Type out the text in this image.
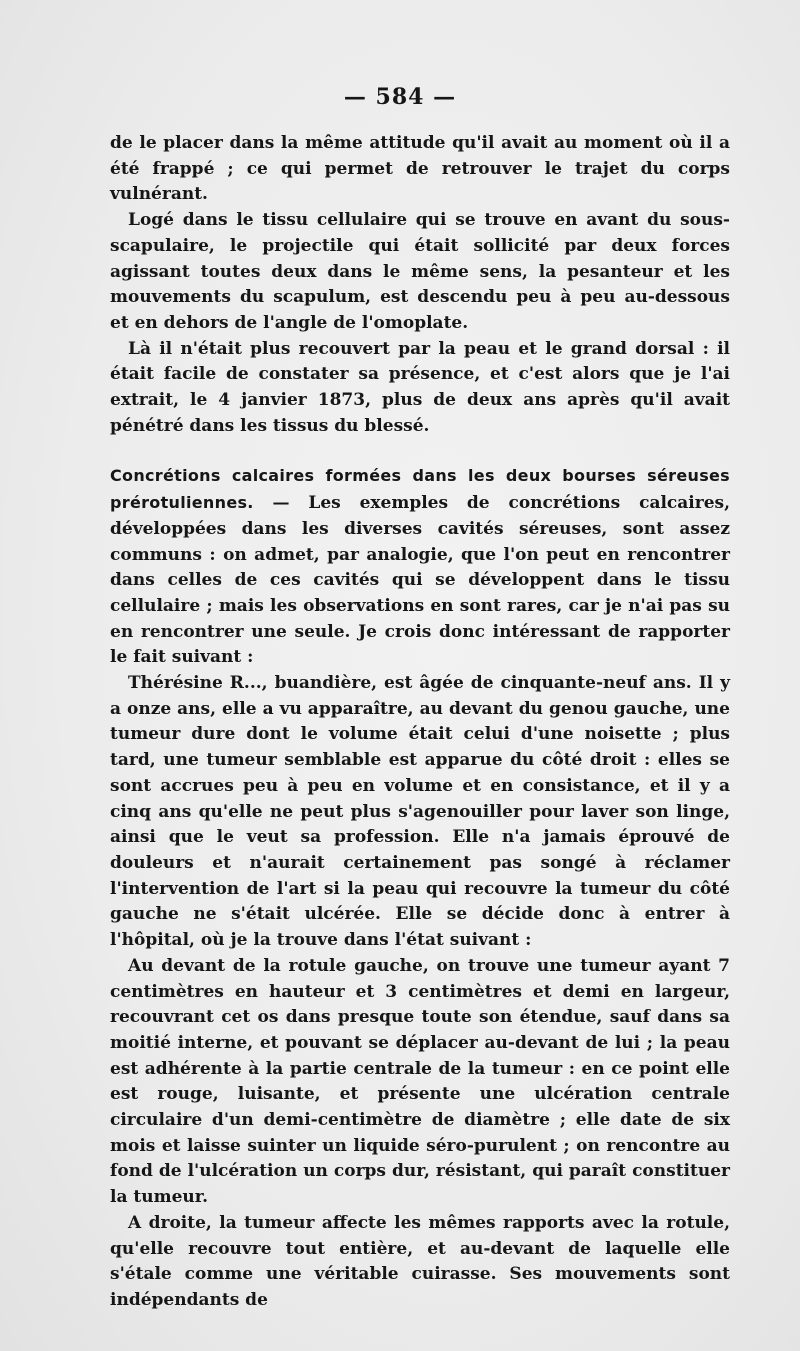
— 584 —

de le placer dans la même attitude qu'il avait au moment où il a été frappé ; ce qui permet de retrouver le trajet du corps vulnérant.

Logé dans le tissu cellulaire qui se trouve en avant du sous-scapulaire, le projectile qui était sollicité par deux forces agissant toutes deux dans le même sens, la pesanteur et les mouvements du scapulum, est descendu peu à peu au-dessous et en dehors de l'angle de l'omoplate.

Là il n'était plus recouvert par la peau et le grand dorsal : il était facile de constater sa présence, et c'est alors que je l'ai extrait, le 4 janvier 1873, plus de deux ans après qu'il avait pénétré dans les tissus du blessé.

Concrétions calcaires formées dans les deux bourses séreuses prérotuliennes. — Les exemples de concrétions calcaires, développées dans les diverses cavités séreuses, sont assez communs : on admet, par analogie, que l'on peut en rencontrer dans celles de ces cavités qui se développent dans le tissu cellulaire ; mais les observations en sont rares, car je n'ai pas su en rencontrer une seule. Je crois donc intéressant de rapporter le fait suivant :

Thérésine R..., buandière, est âgée de cinquante-neuf ans. Il y a onze ans, elle a vu apparaître, au devant du genou gauche, une tumeur dure dont le volume était celui d'une noisette ; plus tard, une tumeur semblable est apparue du côté droit : elles se sont accrues peu à peu en volume et en consistance, et il y a cinq ans qu'elle ne peut plus s'agenouiller pour laver son linge, ainsi que le veut sa profession. Elle n'a jamais éprouvé de douleurs et n'aurait certainement pas songé à réclamer l'intervention de l'art si la peau qui recouvre la tumeur du côté gauche ne s'était ulcérée. Elle se décide donc à entrer à l'hôpital, où je la trouve dans l'état suivant :

Au devant de la rotule gauche, on trouve une tumeur ayant 7 centimètres en hauteur et 3 centimètres et demi en largeur, recouvrant cet os dans presque toute son étendue, sauf dans sa moitié interne, et pouvant se déplacer au-devant de lui ; la peau est adhérente à la partie centrale de la tumeur : en ce point elle est rouge, luisante, et présente une ulcération centrale circulaire d'un demi-centimètre de diamètre ; elle date de six mois et laisse suinter un liquide séro-purulent ; on rencontre au fond de l'ulcération un corps dur, résistant, qui paraît constituer la tumeur.

A droite, la tumeur affecte les mêmes rapports avec la rotule, qu'elle recouvre tout entière, et au-devant de laquelle elle s'étale comme une véritable cuirasse. Ses mouvements sont indépendants de
